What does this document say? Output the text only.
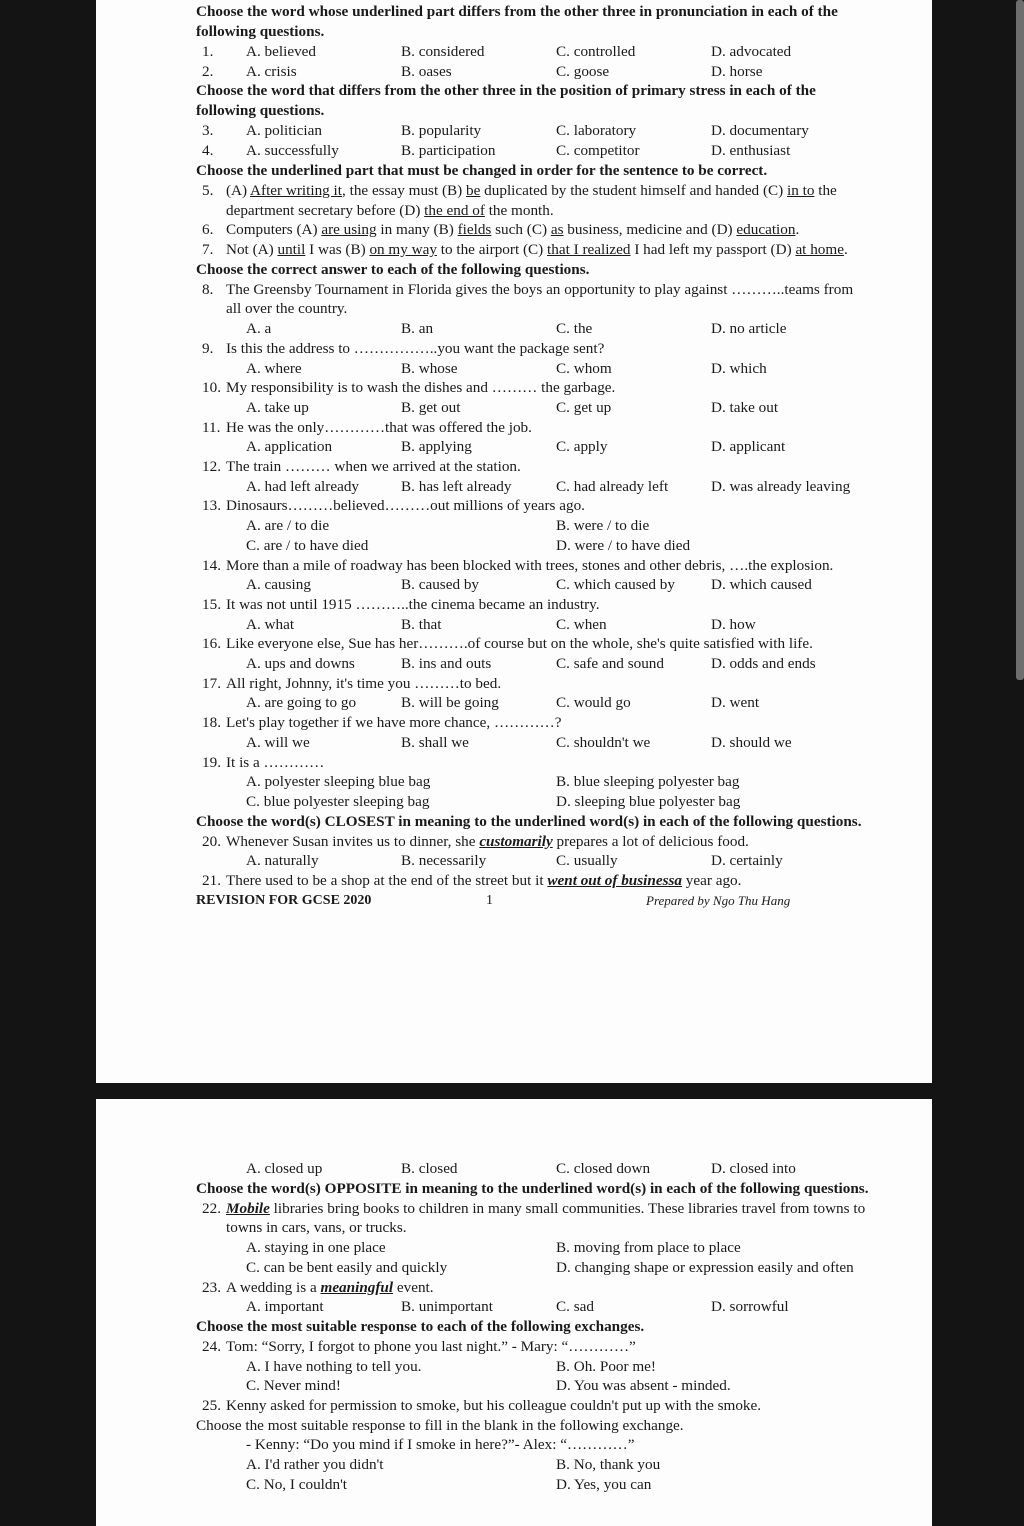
Choose the word whose underlined part differs from the other three in pronunciation in each of the following questions.
1.	A. believed	B. considered	C. controlled	D. advocated
2.	A. crisis	B. oases	C. goose	D. horse
Choose the word that differs from the other three in the position of primary stress in each of the following questions.
3.	A. politician	B. popularity	C. laboratory	D. documentary
4.	A. successfully	B. participation	C. competitor	D. enthusiast
Choose the underlined part that must be changed in order for the sentence to be correct.
5. (A) After writing it, the essay must (B) be duplicated by the student himself and handed (C) in to the department secretary before (D) the end of the month.
6. Computers (A) are using in many (B) fields such (C) as business, medicine and (D) education.
7. Not (A) until I was (B) on my way to the airport (C) that I realized I had left my passport (D) at home.
Choose the correct answer to each of the following questions.
8. The Greensby Tournament in Florida gives the boys an opportunity to play against ………..teams from all over the country.
A. a	B. an	C. the	D. no article
9. Is this the address to ……………..you want the package sent?
A. where	B. whose	C. whom	D. which
10. My responsibility is to wash the dishes and ……… the garbage.
A. take up	B. get out	C. get up	D. take out
11. He was the only…………that was offered the job.
A. application	B. applying	C. apply	D. applicant
12. The train ……… when we arrived at the station.
A. had left already	B. has left already	C. had already left	D. was already leaving
13. Dinosaurs………believed………out millions of years ago.
A. are / to die	B. were / to die
C. are / to have died	D. were / to have died
14. More than a mile of roadway has been blocked with trees, stones and other debris, ….the explosion.
A. causing	B. caused by	C. which caused by	D. which caused
15. It was not until 1915 ………..the cinema became an industry.
A. what	B. that	C. when	D. how
16. Like everyone else, Sue has her……….of course but on the whole, she's quite satisfied with life.
A. ups and downs	B. ins and outs	C. safe and sound	D. odds and ends
17. All right, Johnny, it's time you ………to bed.
A. are going to go	B. will be going	C. would go	D. went
18. Let's play together if we have more chance, …………?
A. will we	B. shall we	C. shouldn't we	D. should we
19. It is a …………
A. polyester sleeping blue bag	B. blue sleeping polyester bag
C. blue polyester sleeping bag	D. sleeping blue polyester bag
Choose the word(s) CLOSEST in meaning to the underlined word(s) in each of the following questions.
20. Whenever Susan invites us to dinner, she customarily prepares a lot of delicious food.
A. naturally	B. necessarily	C. usually	D. certainly
21. There used to be a shop at the end of the street but it went out of businessa year ago.
REVISION FOR GCSE 2020	1	Prepared by Ngo Thu Hang
A. closed up	B. closed	C. closed down	D. closed into
Choose the word(s) OPPOSITE in meaning to the underlined word(s) in each of the following questions.
22. Mobile libraries bring books to children in many small communities. These libraries travel from towns to towns in cars, vans, or trucks.
A. staying in one place	B. moving from place to place
C. can be bent easily and quickly	D. changing shape or expression easily and often
23. A wedding is a meaningful event.
A. important	B. unimportant	C. sad	D. sorrowful
Choose the most suitable response to each of the following exchanges.
24. Tom: “Sorry, I forgot to phone you last night.” - Mary: “…………”
A. I have nothing to tell you.	B. Oh. Poor me!
C. Never mind!	D. You was absent - minded.
25. Kenny asked for permission to smoke, but his colleague couldn't put up with the smoke.
Choose the most suitable response to fill in the blank in the following exchange.
- Kenny: “Do you mind if I smoke in here?”- Alex: “…………”
A. I'd rather you didn't	B. No, thank you
C. No, I couldn't	D. Yes, you can
